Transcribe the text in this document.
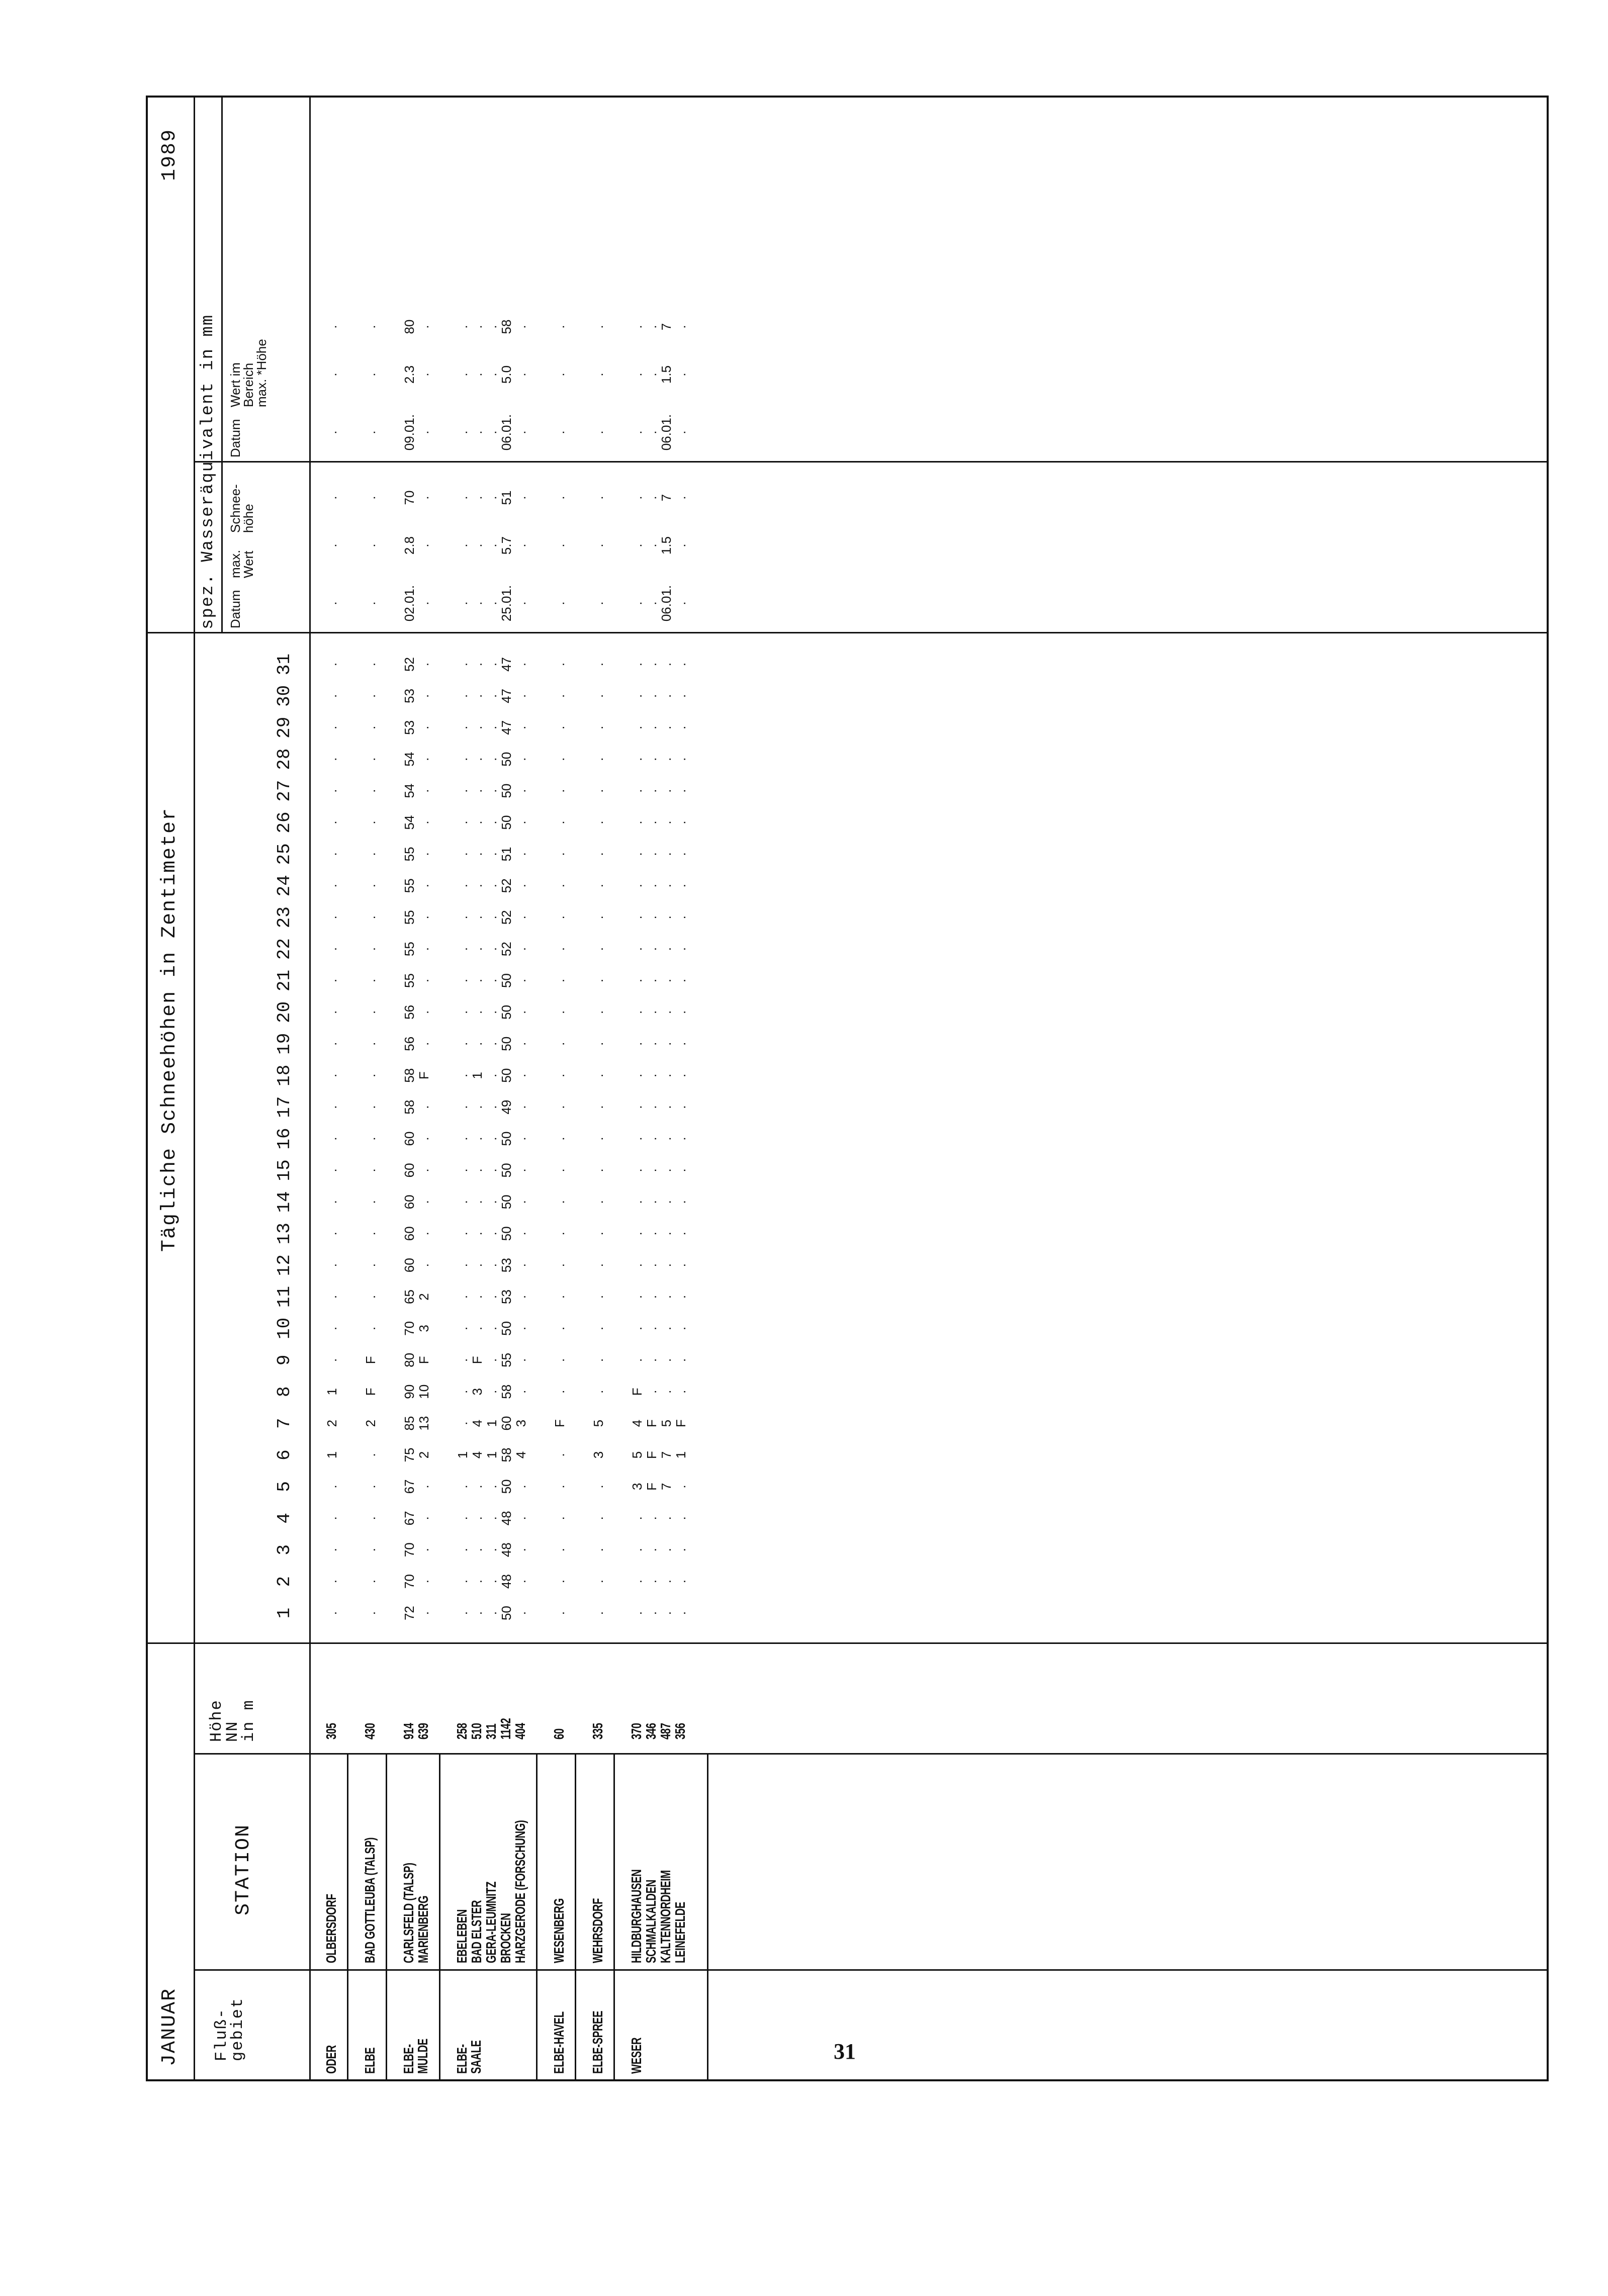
JANUAR
Tägliche Schneehöhen in Zentimeter
1989
Fluß-
gebiet
STATION
Höhe
NN
in m
spez. Wasseräquivalent in mm Datum
max.
Wert
Schnee-
höhe
Datum
Wert im
Bereich
max. *Höhe
1
2
3
4
5
6
7
8
9
10
11
12
13
14
15
16
17
18
19
20
21
22
23
24
25
26
27
28
29
30
31
ODER
OLBERSDORF
305
.
.
.
.
.
1
2
1
.
.
.
.
.
.
.
.
.
.
.
.
.
.
.
.
.
.
.
.
.
.
.
.
.
.
.
.
.
ELBE
BAD GOTTLEUBA (TALSP)
430
.
.
.
.
.
.
2
F
F
.
.
.
.
.
.
.
.
.
.
.
.
.
.
.
.
.
.
.
.
.
.
.
.
.
.
.
.
ELBE-
MULDE
CARLSFELD (TALSP)
914
72
70
70
67
67
75
85
90
80
70
65
60
60
60
60
60
58
58
56
56
55
55
55
55
55
54
54
54
53
53
52
02.01.
2.8
70
09.01.
2.3
80
MARIENBERG
639
.
.
.
.
.
2
13
10
F
3
2
.
.
.
.
.
.
F
.
.
.
.
.
.
.
.
.
.
.
.
.
.
.
.
.
.
.
ELBE-
SAALE
EBELEBEN
258
.
.
.
.
.
1
.
.
.
.
.
.
.
.
.
.
.
.
.
.
.
.
.
.
.
.
.
.
.
.
.
.
.
.
.
.
.
BAD ELSTER
510
.
.
.
.
.
4
4
3
F
.
.
.
.
.
.
.
.
1
.
.
.
.
.
.
.
.
.
.
.
.
.
.
.
.
.
.
.
GERA-LEUMNITZ
311
.
.
.
.
.
1
1
.
.
.
.
.
.
.
.
.
.
.
.
.
.
.
.
.
.
.
.
.
.
.
.
.
.
.
.
.
.
BROCKEN
1142
50
48
48
48
50
58
60
58
55
50
53
53
50
50
50
50
49
50
50
50
50
52
52
52
51
50
50
50
47
47
47
25.01.
5.7
51
06.01.
5.0
58
HARZGERODE (FORSCHUNG)
404
.
.
.
.
.
4
3
.
.
.
.
.
.
.
.
.
.
.
.
.
.
.
.
.
.
.
.
.
.
.
.
.
.
.
.
.
.
ELBE-HAVEL
WESENBERG
60
.
.
.
.
.
.
F
.
.
.
.
.
.
.
.
.
.
.
.
.
.
.
.
.
.
.
.
.
.
.
.
.
.
.
.
.
.
ELBE-SPREE
WEHRSDORF
335
.
.
.
.
.
3
5
.
.
.
.
.
.
.
.
.
.
.
.
.
.
.
.
.
.
.
.
.
.
.
.
.
.
.
.
.
.
WESER
HILDBURGHAUSEN
370
.
.
.
.
3
5
4
F
.
.
.
.
.
.
.
.
.
.
.
.
.
.
.
.
.
.
.
.
.
.
.
.
.
.
.
.
.
SCHMALKALDEN
346
.
.
.
.
F
F
F
.
.
.
.
.
.
.
.
.
.
.
.
.
.
.
.
.
.
.
.
.
.
.
.
.
.
.
.
.
.
KALTENNORDHEIM
487
.
.
.
.
7
7
5
.
.
.
.
.
.
.
.
.
.
.
.
.
.
.
.
.
.
.
.
.
.
.
.
06.01.
1.5
7
06.01.
1.5
7
LEINEFELDE
356
.
.
.
.
.
1
F
.
.
.
.
.
.
.
.
.
.
.
.
.
.
.
.
.
.
.
.
.
.
.
.
.
.
.
.
.
.
31
